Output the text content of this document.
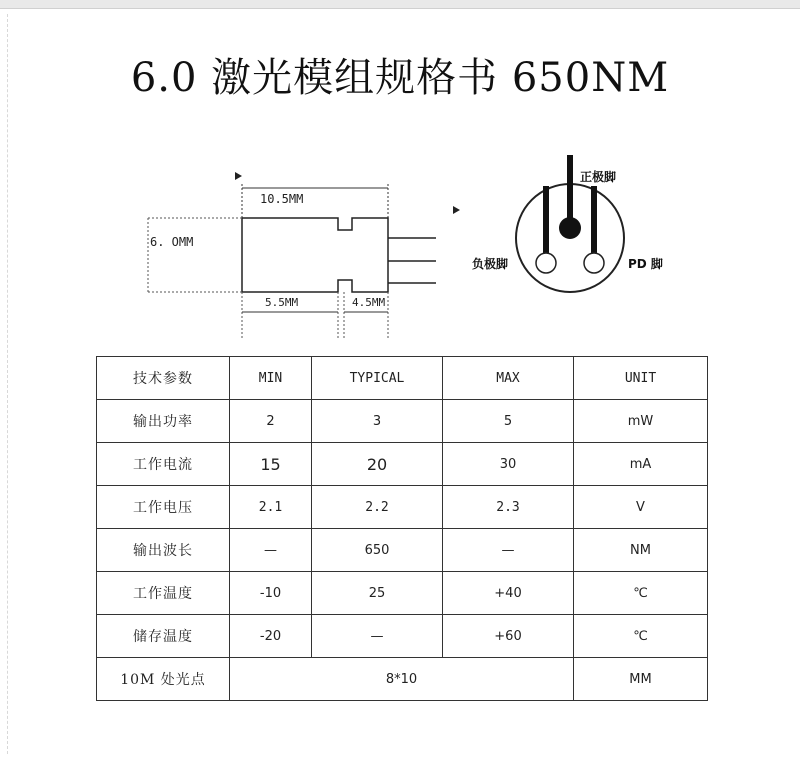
6.0 激光模组规格书 650NM
10.5MM
6. OMM
5.5MM	4.5MM
正极脚
负极脚	PD 脚
技术参数	MIN	TYPICAL	MAX	UNIT
输出功率	2	3	5	mW
工作电流	15	20	30	mA
工作电压	2.1	2.2	2.3	V
输出波长	—	650	—	NM
工作温度	-10	25	+40	℃
储存温度	-20	—	+60	℃
10M 处光点	8*10			MM
